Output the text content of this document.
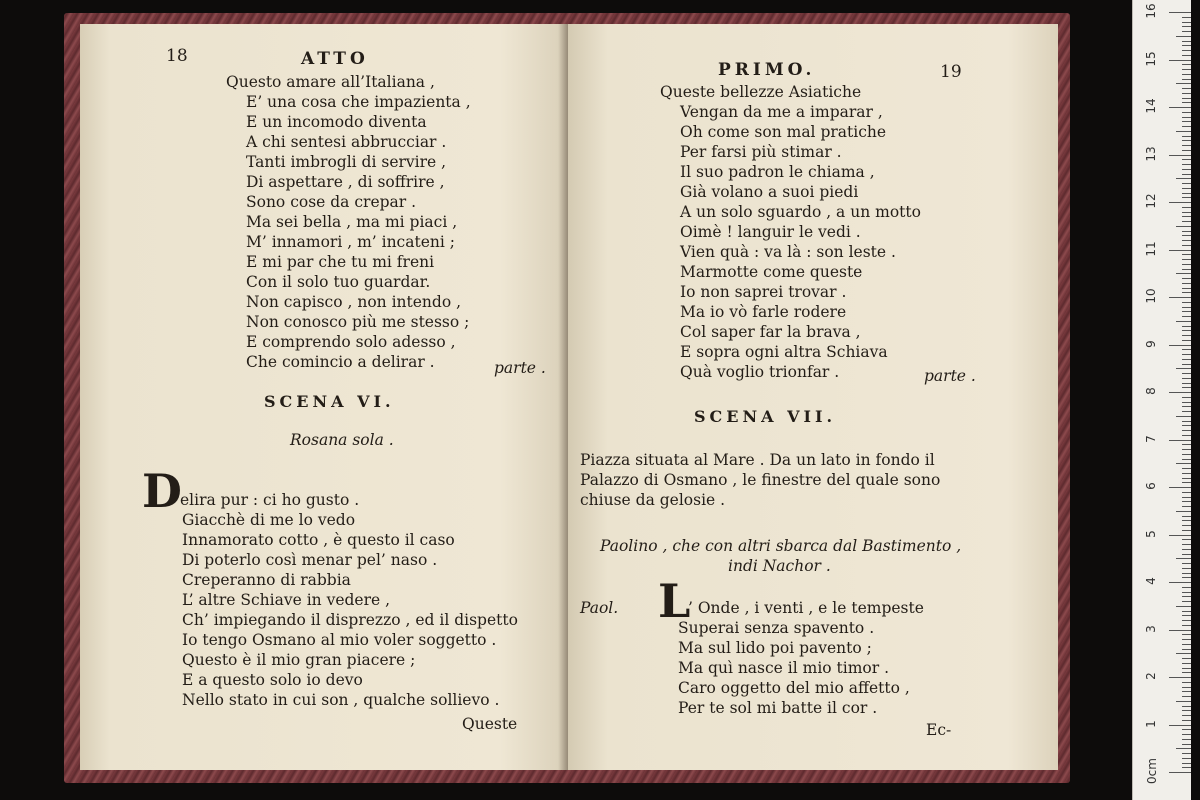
18	ATTO
Questo amare all’Italiana ,
E’ una cosa che impazienta ,
E un incomodo diventa
A chi sentesi abbrucciar .
Tanti imbrogli di servire ,
Di aspettare , di soffrire ,
Sono cose da crepar .
Ma sei bella , ma mi piaci ,
M’ innamori , m’ incateni ;
E mi par che tu mi freni
Con il solo tuo guardar.
Non capisco , non intendo ,
Non conosco più me stesso ;
E comprendo solo adesso ,
Che comincio a delirar .	parte .
SCENA VI.
Rosana sola .
D
elira pur : ci ho gusto .
Giacchè di me lo vedo
Innamorato cotto , è questo il caso
Di poterlo così menar pel’ naso .
Creperanno di rabbia
L’ altre Schiave in vedere ,
Ch’ impiegando il disprezzo , ed il dispetto
Io tengo Osmano al mio voler soggetto .
Questo è il mio gran piacere ;
E a questo solo io devo
Nello stato in cui son , qualche sollievo .
Queste
PRIMO.	19
Queste bellezze Asiatiche
Vengan da me a imparar ,
Oh come son mal pratiche
Per farsi più stimar .
Il suo padron le chiama ,
Già volano a suoi piedi
A un solo sguardo , a un motto
Oimè ! languir le vedi .
Vien quà : va là : son leste .
Marmotte come queste
Io non saprei trovar .
Ma io vò farle rodere
Col saper far la brava ,
E sopra ogni altra Schiava
Quà voglio trionfar .	parte .
SCENA VII.
Piazza situata al Mare . Da un lato in fondo il
Palazzo di Osmano , le finestre del quale sono
chiuse da gelosie .
Paolino , che con altri sbarca dal Bastimento ,
indi Nachor .
Paol. L
’ Onde , i venti , e le tempeste
Superai senza spavento .
Ma sul lido poi pavento ;
Ma quì nasce il mio timor .
Caro oggetto del mio affetto ,
Per te sol mi batte il cor .
Ec-
0cm
1
2
3
4
5
6
7
8
9
10
11
12
13
14
15
16
